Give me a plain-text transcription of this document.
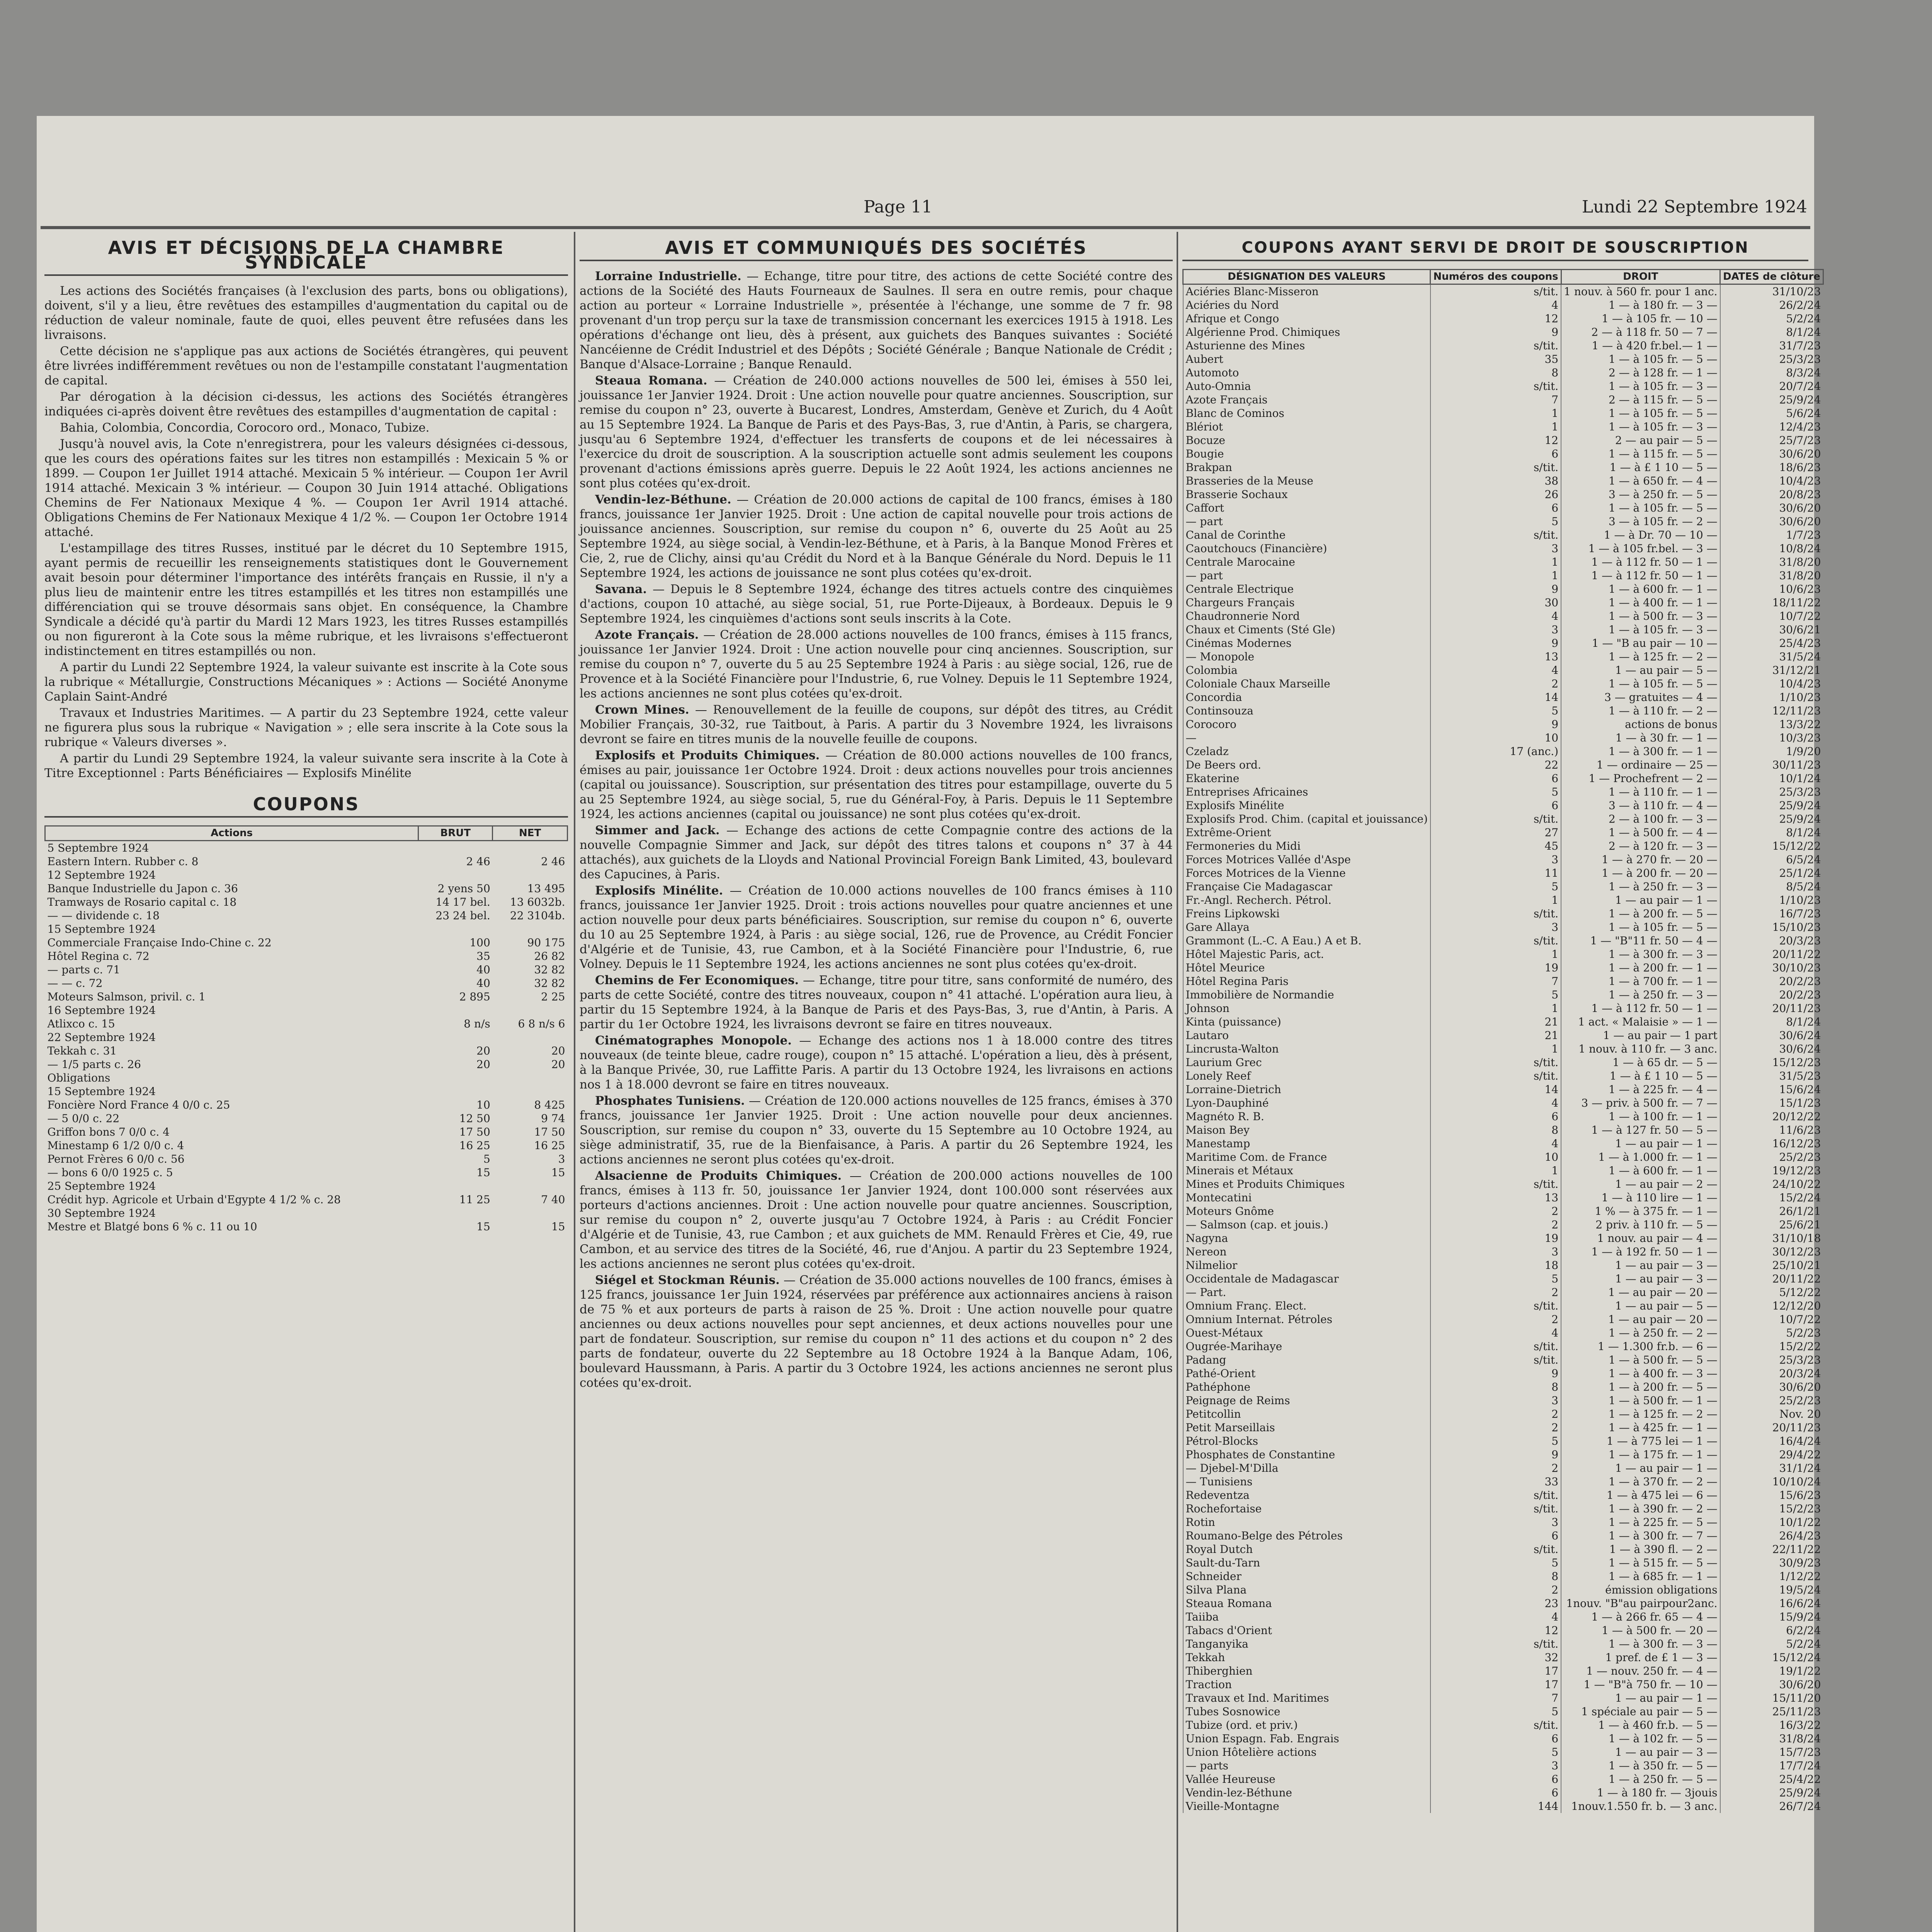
Page 11	Lundi 22 Septembre 1924
AVIS ET DÉCISIONS DE LA CHAMBRE SYNDICALE

Les actions des Sociétés françaises (à l'exclusion des parts, bons ou obligations), doivent, s'il y a lieu, être revêtues des estampilles d'augmentation du capital ou de réduction de valeur nominale, faute de quoi, elles peuvent être refusées dans les livraisons.

Cette décision ne s'applique pas aux actions de Sociétés étrangères, qui peuvent être livrées indifféremment revêtues ou non de l'estampille constatant l'augmentation de capital.

Par dérogation à la décision ci-dessus, les actions des Sociétés étrangères indiquées ci-après doivent être revêtues des estampilles d'augmentation de capital :

Bahia, Colombia, Concordia, Corocoro ord., Monaco, Tubize.

Jusqu'à nouvel avis, la Cote n'enregistrera, pour les valeurs désignées ci-dessous, que les cours des opérations faites sur les titres non estampillés : Mexicain 5 % or 1899. — Coupon 1er Juillet 1914 attaché. Mexicain 5 % intérieur. — Coupon 1er Avril 1914 attaché. Mexicain 3 % intérieur. — Coupon 30 Juin 1914 attaché. Obligations Chemins de Fer Nationaux Mexique 4 %. — Coupon 1er Avril 1914 attaché. Obligations Chemins de Fer Nationaux Mexique 4 1/2 %. — Coupon 1er Octobre 1914 attaché.

L'estampillage des titres Russes, institué par le décret du 10 Septembre 1915, ayant permis de recueillir les renseignements statistiques dont le Gouvernement avait besoin pour déterminer l'importance des intérêts français en Russie, il n'y a plus lieu de maintenir entre les titres estampillés et les titres non estampillés une différenciation qui se trouve désormais sans objet. En conséquence, la Chambre Syndicale a décidé qu'à partir du Mardi 12 Mars 1923, les titres Russes estampillés ou non figureront à la Cote sous la même rubrique, et les livraisons s'effectueront indistinctement en titres estampillés ou non.

A partir du Lundi 22 Septembre 1924, la valeur suivante est inscrite à la Cote sous la rubrique « Métallurgie, Constructions Mécaniques » : Actions — Société Anonyme Caplain Saint-André

Travaux et Industries Maritimes. — A partir du 23 Septembre 1924, cette valeur ne figurera plus sous la rubrique « Navigation » ; elle sera inscrite à la Cote sous la rubrique « Valeurs diverses ».

A partir du Lundi 29 Septembre 1924, la valeur suivante sera inscrite à la Cote à Titre Exceptionnel : Parts Bénéficiaires — Explosifs Minélite

COUPONS
Actions	BRUT	NET
5 Septembre 1924		
Eastern Intern. Rubber c. 8	2 46	2 46
12 Septembre 1924		
Banque Industrielle du Japon c. 36	2 yens 50	13 495
Tramways de Rosario capital c. 18	14 17 bel.	13 6032b.
— — dividende c. 18	23 24 bel.	22 3104b.
15 Septembre 1924		
Commerciale Française Indo-Chine c. 22	100	90 175
Hôtel Regina c. 72	35	26 82
— parts c. 71	40	32 82
— — c. 72	40	32 82
Moteurs Salmson, privil. c. 1	2 895	2 25
16 Septembre 1924		
Atlixco c. 15	8 n/s	6 8 n/s 6
22 Septembre 1924		
Tekkah c. 31	20	20
— 1/5 parts c. 26	20	20
Obligations		
15 Septembre 1924		
Foncière Nord France 4 0/0 c. 25	10	8 425
— 5 0/0 c. 22	12 50	9 74
Griffon bons 7 0/0 c. 4	17 50	17 50
Minestamp 6 1/2 0/0 c. 4	16 25	16 25
Pernot Frères 6 0/0 c. 56	5	3
— bons 6 0/0 1925 c. 5	15	15
25 Septembre 1924		
Crédit hyp. Agricole et Urbain d'Egypte 4 1/2 % c. 28	11 25	7 40
30 Septembre 1924		
Mestre et Blatgé bons 6 % c. 11 ou 10	15	15
AVIS ET COMMUNIQUÉS DES SOCIÉTÉS

Lorraine Industrielle. — Echange, titre pour titre, des actions de cette Société contre des actions de la Société des Hauts Fourneaux de Saulnes. Il sera en outre remis, pour chaque action au porteur « Lorraine Industrielle », présentée à l'échange, une somme de 7 fr. 98 provenant d'un trop perçu sur la taxe de transmission concernant les exercices 1915 à 1918. Les opérations d'échange ont lieu, dès à présent, aux guichets des Banques suivantes : Société Nancéienne de Crédit Industriel et des Dépôts ; Société Générale ; Banque Nationale de Crédit ; Banque d'Alsace-Lorraine ; Banque Renauld.

Steaua Romana. — Création de 240.000 actions nouvelles de 500 lei, émises à 550 lei, jouissance 1er Janvier 1924. Droit : Une action nouvelle pour quatre anciennes. Souscription, sur remise du coupon n° 23, ouverte à Bucarest, Londres, Amsterdam, Genève et Zurich, du 4 Août au 15 Septembre 1924. La Banque de Paris et des Pays-Bas, 3, rue d'Antin, à Paris, se chargera, jusqu'au 6 Septembre 1924, d'effectuer les transferts de coupons et de lei nécessaires à l'exercice du droit de souscription. A la souscription actuelle sont admis seulement les coupons provenant d'actions émissions après guerre. Depuis le 22 Août 1924, les actions anciennes ne sont plus cotées qu'ex-droit.

Vendin-lez-Béthune. — Création de 20.000 actions de capital de 100 francs, émises à 180 francs, jouissance 1er Janvier 1925. Droit : Une action de capital nouvelle pour trois actions de jouissance anciennes. Souscription, sur remise du coupon n° 6, ouverte du 25 Août au 25 Septembre 1924, au siège social, à Vendin-lez-Béthune, et à Paris, à la Banque Monod Frères et Cie, 2, rue de Clichy, ainsi qu'au Crédit du Nord et à la Banque Générale du Nord. Depuis le 11 Septembre 1924, les actions de jouissance ne sont plus cotées qu'ex-droit.

Savana. — Depuis le 8 Septembre 1924, échange des titres actuels contre des cinquièmes d'actions, coupon 10 attaché, au siège social, 51, rue Porte-Dijeaux, à Bordeaux. Depuis le 9 Septembre 1924, les cinquièmes d'actions sont seuls inscrits à la Cote.

Azote Français. — Création de 28.000 actions nouvelles de 100 francs, émises à 115 francs, jouissance 1er Janvier 1924. Droit : Une action nouvelle pour cinq anciennes. Souscription, sur remise du coupon n° 7, ouverte du 5 au 25 Septembre 1924 à Paris : au siège social, 126, rue de Provence et à la Société Financière pour l'Industrie, 6, rue Volney. Depuis le 11 Septembre 1924, les actions anciennes ne sont plus cotées qu'ex-droit.

Crown Mines. — Renouvellement de la feuille de coupons, sur dépôt des titres, au Crédit Mobilier Français, 30-32, rue Taitbout, à Paris. A partir du 3 Novembre 1924, les livraisons devront se faire en titres munis de la nouvelle feuille de coupons.

Explosifs et Produits Chimiques. — Création de 80.000 actions nouvelles de 100 francs, émises au pair, jouissance 1er Octobre 1924. Droit : deux actions nouvelles pour trois anciennes (capital ou jouissance). Souscription, sur présentation des titres pour estampillage, ouverte du 5 au 25 Septembre 1924, au siège social, 5, rue du Général-Foy, à Paris. Depuis le 11 Septembre 1924, les actions anciennes (capital ou jouissance) ne sont plus cotées qu'ex-droit.

Simmer and Jack. — Echange des actions de cette Compagnie contre des actions de la nouvelle Compagnie Simmer and Jack, sur dépôt des titres talons et coupons n° 37 à 44 attachés), aux guichets de la Lloyds and National Provincial Foreign Bank Limited, 43, boulevard des Capucines, à Paris.

Explosifs Minélite. — Création de 10.000 actions nouvelles de 100 francs émises à 110 francs, jouissance 1er Janvier 1925. Droit : trois actions nouvelles pour quatre anciennes et une action nouvelle pour deux parts bénéficiaires. Souscription, sur remise du coupon n° 6, ouverte du 10 au 25 Septembre 1924, à Paris : au siège social, 126, rue de Provence, au Crédit Foncier d'Algérie et de Tunisie, 43, rue Cambon, et à la Société Financière pour l'Industrie, 6, rue Volney. Depuis le 11 Septembre 1924, les actions anciennes ne sont plus cotées qu'ex-droit.

Chemins de Fer Economiques. — Echange, titre pour titre, sans conformité de numéro, des parts de cette Société, contre des titres nouveaux, coupon n° 41 attaché. L'opération aura lieu, à partir du 15 Septembre 1924, à la Banque de Paris et des Pays-Bas, 3, rue d'Antin, à Paris. A partir du 1er Octobre 1924, les livraisons devront se faire en titres nouveaux.

Cinématographes Monopole. — Echange des actions nos 1 à 18.000 contre des titres nouveaux (de teinte bleue, cadre rouge), coupon n° 15 attaché. L'opération a lieu, dès à présent, à la Banque Privée, 30, rue Laffitte Paris. A partir du 13 Octobre 1924, les livraisons en actions nos 1 à 18.000 devront se faire en titres nouveaux.

Phosphates Tunisiens. — Création de 120.000 actions nouvelles de 125 francs, émises à 370 francs, jouissance 1er Janvier 1925. Droit : Une action nouvelle pour deux anciennes. Souscription, sur remise du coupon n° 33, ouverte du 15 Septembre au 10 Octobre 1924, au siège administratif, 35, rue de la Bienfaisance, à Paris. A partir du 26 Septembre 1924, les actions anciennes ne seront plus cotées qu'ex-droit.

Alsacienne de Produits Chimiques. — Création de 200.000 actions nouvelles de 100 francs, émises à 113 fr. 50, jouissance 1er Janvier 1924, dont 100.000 sont réservées aux porteurs d'actions anciennes. Droit : Une action nouvelle pour quatre anciennes. Souscription, sur remise du coupon n° 2, ouverte jusqu'au 7 Octobre 1924, à Paris : au Crédit Foncier d'Algérie et de Tunisie, 43, rue Cambon ; et aux guichets de MM. Renauld Frères et Cie, 49, rue Cambon, et au service des titres de la Société, 46, rue d'Anjou. A partir du 23 Septembre 1924, les actions anciennes ne seront plus cotées qu'ex-droit.

Siégel et Stockman Réunis. — Création de 35.000 actions nouvelles de 100 francs, émises à 125 francs, jouissance 1er Juin 1924, réservées par préférence aux actionnaires anciens à raison de 75 % et aux porteurs de parts à raison de 25 %. Droit : Une action nouvelle pour quatre anciennes ou deux actions nouvelles pour sept anciennes, et deux actions nouvelles pour une part de fondateur. Souscription, sur remise du coupon n° 11 des actions et du coupon n° 2 des parts de fondateur, ouverte du 22 Septembre au 18 Octobre 1924 à la Banque Adam, 106, boulevard Haussmann, à Paris. A partir du 3 Octobre 1924, les actions anciennes ne seront plus cotées qu'ex-droit.

COUPONS AYANT SERVI DE DROIT DE SOUSCRIPTION
DÉSIGNATION DES VALEURS	Numéros des coupons	DROIT	DATES de clôture
Aciéries Blanc-Misseron	s/tit.	1 nouv. à 560 fr. pour 1 anc.	31/10/23
Aciéries du Nord	4	1 — à 180 fr. — 3 —	26/2/24
Afrique et Congo	12	1 — à 105 fr. — 10 —	5/2/24
Algérienne Prod. Chimiques	9	2 — à 118 fr. 50 — 7 —	8/1/24
Asturienne des Mines	s/tit.	1 — à 420 fr.bel.— 1 —	31/7/23
Aubert	35	1 — à 105 fr. — 5 —	25/3/23
Automoto	8	2 — à 128 fr. — 1 —	8/3/24
Auto-Omnia	s/tit.	1 — à 105 fr. — 3 —	20/7/24
Azote Français	7	2 — à 115 fr. — 5 —	25/9/24
Blanc de Cominos	1	1 — à 105 fr. — 5 —	5/6/24
Blériot	1	1 — à 105 fr. — 3 —	12/4/23
Bocuze	12	2 — au pair — 5 —	25/7/23
Bougie	6	1 — à 115 fr. — 5 —	30/6/20
Brakpan	s/tit.	1 — à £ 1 10 — 5 —	18/6/23
Brasseries de la Meuse	38	1 — à 650 fr. — 4 —	10/4/23
Brasserie Sochaux	26	3 — à 250 fr. — 5 —	20/8/23
Caffort	6	1 — à 105 fr. — 5 —	30/6/20
— part	5	3 — à 105 fr. — 2 —	30/6/20
Canal de Corinthe	s/tit.	1 — à Dr. 70 — 10 —	1/7/23
Caoutchoucs (Financière)	3	1 — à 105 fr.bel. — 3 —	10/8/24
Centrale Marocaine	1	1 — à 112 fr. 50 — 1 —	31/8/20
— part	1	1 — à 112 fr. 50 — 1 —	31/8/20
Centrale Electrique	9	1 — à 600 fr. — 1 —	10/6/23
Chargeurs Français	30	1 — à 400 fr. — 1 —	18/11/22
Chaudronnerie Nord	4	1 — à 500 fr. — 3 —	10/7/22
Chaux et Ciments (Sté Gle)	3	1 — à 105 fr. — 3 —	30/6/21
Cinémas Modernes	9	1 — "B au pair — 10 —	25/4/23
— Monopole	13	1 — à 125 fr. — 2 —	31/5/24
Colombia	4	1 — au pair — 5 —	31/12/21
Coloniale Chaux Marseille	2	1 — à 105 fr. — 5 —	10/4/23
Concordia	14	3 — gratuites — 4 —	1/10/23
Continsouza	5	1 — à 110 fr. — 2 —	12/11/23
Corocoro	9	actions de bonus	13/3/22
—	10	1 — à 30 fr. — 1 —	10/3/23
Czeladz	17 (anc.)	1 — à 300 fr. — 1 —	1/9/20
De Beers ord.	22	1 — ordinaire — 25 —	30/11/23
Ekaterine	6	1 — Prochefrent — 2 —	10/1/24
Entreprises Africaines	5	1 — à 110 fr. — 1 —	25/3/23
Explosifs Minélite	6	3 — à 110 fr. — 4 —	25/9/24
Explosifs Prod. Chim. (capital et jouissance)	s/tit.	2 — à 100 fr. — 3 —	25/9/24
Extrême-Orient	27	1 — à 500 fr. — 4 —	8/1/24
Fermoneries du Midi	45	2 — à 120 fr. — 3 —	15/12/22
Forces Motrices Vallée d'Aspe	3	1 — à 270 fr. — 20 —	6/5/24
Forces Motrices de la Vienne	11	1 — à 200 fr. — 20 —	25/1/24
Française Cie Madagascar	5	1 — à 250 fr. — 3 —	8/5/24
Fr.-Angl. Recherch. Pétrol.	1	1 — au pair — 1 —	1/10/23
Freins Lipkowski	s/tit.	1 — à 200 fr. — 5 —	16/7/23
Gare Allaya	3	1 — à 105 fr. — 5 —	15/10/23
Grammont (L.-C. A Eau.) A et B.	s/tit.	1 — "B"11 fr. 50 — 4 —	20/3/23
Hôtel Majestic Paris, act.	1	1 — à 300 fr. — 3 —	20/11/22
Hôtel Meurice	19	1 — à 200 fr. — 1 —	30/10/23
Hôtel Regina Paris	7	1 — à 700 fr. — 1 —	20/2/23
Immobilière de Normandie	5	1 — à 250 fr. — 3 —	20/2/23
Johnson	1	1 — à 112 fr. 50 — 1 —	20/11/23
Kinta (puissance)	21	1 act. « Malaisie » — 1 —	8/1/24
Lautaro	21	1 — au pair — 1 part	30/6/24
Lincrusta-Walton	1	1 nouv. à 110 fr. — 3 anc.	30/6/24
Laurium Grec	s/tit.	1 — à 65 dr. — 5 —	15/12/23
Lonely Reef	s/tit.	1 — à £ 1 10 — 5 —	31/5/23
Lorraine-Dietrich	14	1 — à 225 fr. — 4 —	15/6/24
Lyon-Dauphiné	4	3 — priv. à 500 fr. — 7 —	15/1/23
Magnéto R. B.	6	1 — à 100 fr. — 1 —	20/12/22
Maison Bey	8	1 — à 127 fr. 50 — 5 —	11/6/23
Manestamp	4	1 — au pair — 1 —	16/12/23
Maritime Com. de France	10	1 — à 1.000 fr. — 1 —	25/2/23
Minerais et Métaux	1	1 — à 600 fr. — 1 —	19/12/23
Mines et Produits Chimiques	s/tit.	1 — au pair — 2 —	24/10/22
Montecatini	13	1 — à 110 lire — 1 —	15/2/24
Moteurs Gnôme	2	1 % — à 375 fr. — 1 —	26/1/21
— Salmson (cap. et jouis.)	2	2 priv. à 110 fr. — 5 —	25/6/21
Nagyna	19	1 nouv. au pair — 4 —	31/10/18
Nereon	3	1 — à 192 fr. 50 — 1 —	30/12/23
Nilmelior	18	1 — au pair — 3 —	25/10/21
Occidentale de Madagascar	5	1 — au pair — 3 —	20/11/22
— Part.	2	1 — au pair — 20 —	5/12/22
Omnium Franç. Elect.	s/tit.	1 — au pair — 5 —	12/12/20
Omnium Internat. Pétroles	2	1 — au pair — 20 —	10/7/22
Ouest-Métaux	4	1 — à 250 fr. — 2 —	5/2/23
Ougrée-Marihaye	s/tit.	1 — 1.300 fr.b. — 6 —	15/2/22
Padang	s/tit.	1 — à 500 fr. — 5 —	25/3/23
Pathé-Orient	9	1 — à 400 fr. — 3 —	20/3/24
Pathéphone	8	1 — à 200 fr. — 5 —	30/6/20
Peignage de Reims	3	1 — à 500 fr. — 1 —	25/2/23
Petitcollin	2	1 — à 125 fr. — 2 —	Nov. 20
Petit Marseillais	2	1 — à 425 fr. — 1 —	20/11/23
Pétrol-Blocks	5	1 — à 775 lei — 1 —	16/4/24
Phosphates de Constantine	9	1 — à 175 fr. — 1 —	29/4/22
— Djebel-M'Dilla	2	1 — au pair — 1 —	31/1/24
— Tunisiens	33	1 — à 370 fr. — 2 —	10/10/24
Redeventza	s/tit.	1 — à 475 lei — 6 —	15/6/23
Rochefortaise	s/tit.	1 — à 390 fr. — 2 —	15/2/23
Rotin	3	1 — à 225 fr. — 5 —	10/1/22
Roumano-Belge des Pétroles	6	1 — à 300 fr. — 7 —	26/4/23
Royal Dutch	s/tit.	1 — à 390 fl. — 2 —	22/11/22
Sault-du-Tarn	5	1 — à 515 fr. — 5 —	30/9/23
Schneider	8	1 — à 685 fr. — 1 —	1/12/22
Silva Plana	2	émission obligations	19/5/24
Steaua Romana	23	1nouv. "B"au pairpour2anc.	16/6/24
Taiiba	4	1 — à 266 fr. 65 — 4 —	15/9/24
Tabacs d'Orient	12	1 — à 500 fr. — 20 —	6/2/24
Tanganyika	s/tit.	1 — à 300 fr. — 3 —	5/2/24
Tekkah	32	1 pref. de £ 1 — 3 —	15/12/24
Thiberghien	17	1 — nouv. 250 fr. — 4 —	19/1/22
Traction	17	1 — "B"à 750 fr. — 10 —	30/6/20
Travaux et Ind. Maritimes	7	1 — au pair — 1 —	15/11/20
Tubes Sosnowice	5	1 spéciale au pair — 5 —	25/11/23
Tubize (ord. et priv.)	s/tit.	1 — à 460 fr.b. — 5 —	16/3/22
Union Espagn. Fab. Engrais	6	1 — à 102 fr. — 5 —	31/8/24
Union Hôtelière actions	5	1 — au pair — 3 —	15/7/23
— parts	3	1 — à 350 fr. — 5 —	17/7/24
Vallée Heureuse	6	1 — à 250 fr. — 5 —	25/4/22
Vendin-lez-Béthune	6	1 — à 180 fr. — 3jouis	25/9/24
Vieille-Montagne	144	1nouv.1.550 fr. b. — 3 anc.	26/7/24
